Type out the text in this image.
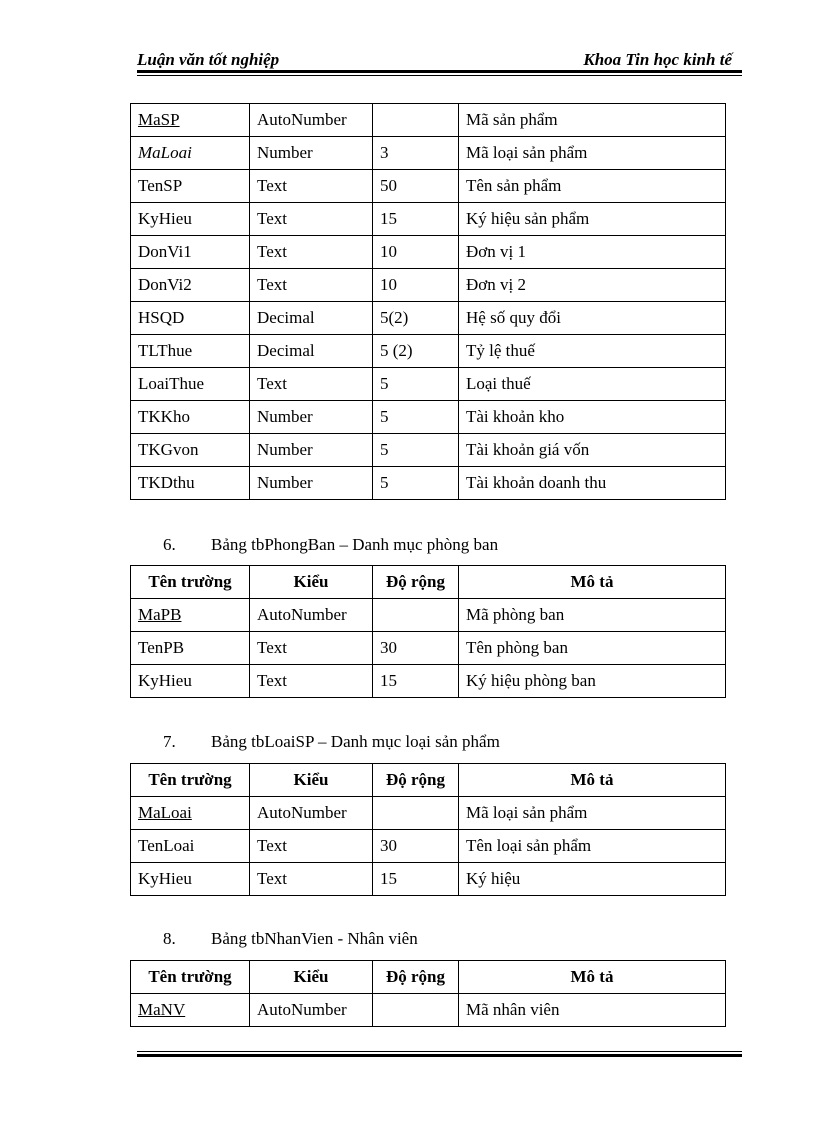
Luận văn tốt nghiệp	Khoa Tin học kinh tế
MaSP	AutoNumber		Mã sản phẩm
MaLoai	Number	3	Mã loại sản phẩm
TenSP	Text	50	Tên sản phẩm
KyHieu	Text	15	Ký hiệu sản phẩm
DonVi1	Text	10	Đơn vị 1
DonVi2	Text	10	Đơn vị 2
HSQD	Decimal	5(2)	Hệ số quy đổi
TLThue	Decimal	5 (2)	Tỷ lệ thuế
LoaiThue	Text	5	Loại thuế
TKKho	Number	5	Tài khoản kho
TKGvon	Number	5	Tài khoản giá vốn
TKDthu	Number	5	Tài khoản doanh thu
6. Bảng tbPhongBan – Danh mục phòng ban
Tên trường	Kiểu	Độ rộng	Mô tả
MaPB	AutoNumber		Mã phòng ban
TenPB	Text	30	Tên phòng ban
KyHieu	Text	15	Ký hiệu phòng ban
7. Bảng tbLoaiSP – Danh mục loại sản phẩm
Tên trường	Kiểu	Độ rộng	Mô tả
MaLoai	AutoNumber		Mã loại sản phẩm
TenLoai	Text	30	Tên loại sản phẩm
KyHieu	Text	15	Ký hiệu
8. Bảng tbNhanVien - Nhân viên
Tên trường	Kiểu	Độ rộng	Mô tả
MaNV	AutoNumber		Mã nhân viên
